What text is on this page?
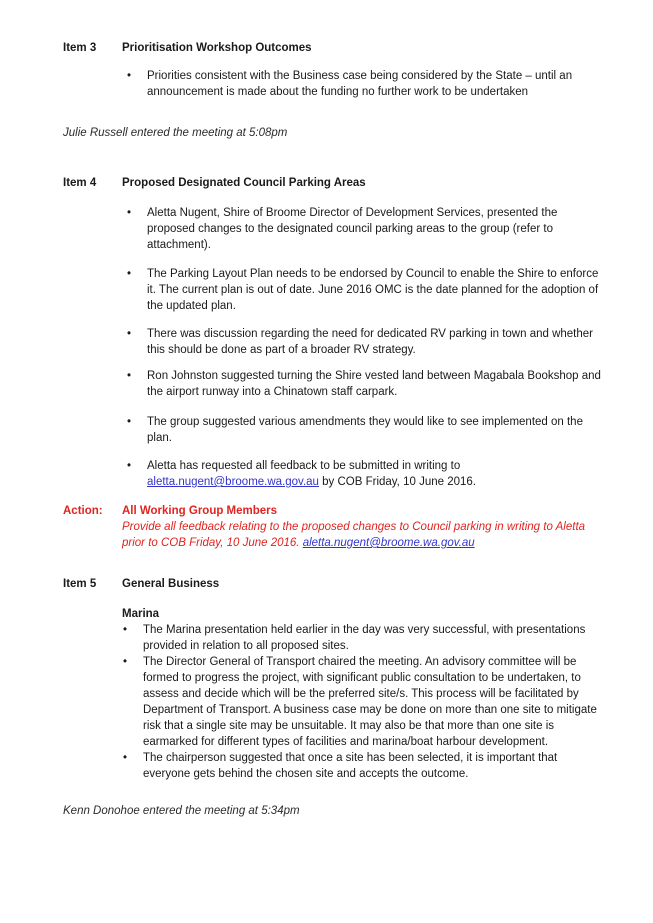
Item 3	Prioritisation Workshop Outcomes
•	Priorities consistent with the Business case being considered by the State – until an announcement is made about the funding no further work to be undertaken
Julie Russell entered the meeting at 5:08pm
Item 4	Proposed Designated Council Parking Areas
•	Aletta Nugent, Shire of Broome Director of Development Services, presented the proposed changes to the designated council parking areas to the group (refer to attachment).
•	The Parking Layout Plan needs to be endorsed by Council to enable the Shire to enforce it. The current plan is out of date. June 2016 OMC is the date planned for the adoption of the updated plan.
•	There was discussion regarding the need for dedicated RV parking in town and whether this should be done as part of a broader RV strategy.
•	Ron Johnston suggested turning the Shire vested land between Magabala Bookshop and the airport runway into a Chinatown staff carpark.
•	The group suggested various amendments they would like to see implemented on the plan.
•	Aletta has requested all feedback to be submitted in writing to aletta.nugent@broome.wa.gov.au by COB Friday, 10 June 2016.
Action:	All Working Group Members
Provide all feedback relating to the proposed changes to Council parking in writing to Aletta prior to COB Friday, 10 June 2016. aletta.nugent@broome.wa.gov.au
Item 5	General Business
Marina
•	The Marina presentation held earlier in the day was very successful, with presentations provided in relation to all proposed sites.
•	The Director General of Transport chaired the meeting. An advisory committee will be formed to progress the project, with significant public consultation to be undertaken, to assess and decide which will be the preferred site/s. This process will be facilitated by Department of Transport. A business case may be done on more than one site to mitigate risk that a single site may be unsuitable. It may also be that more than one site is earmarked for different types of facilities and marina/boat harbour development.
•	The chairperson suggested that once a site has been selected, it is important that everyone gets behind the chosen site and accepts the outcome.
Kenn Donohoe entered the meeting at 5:34pm
